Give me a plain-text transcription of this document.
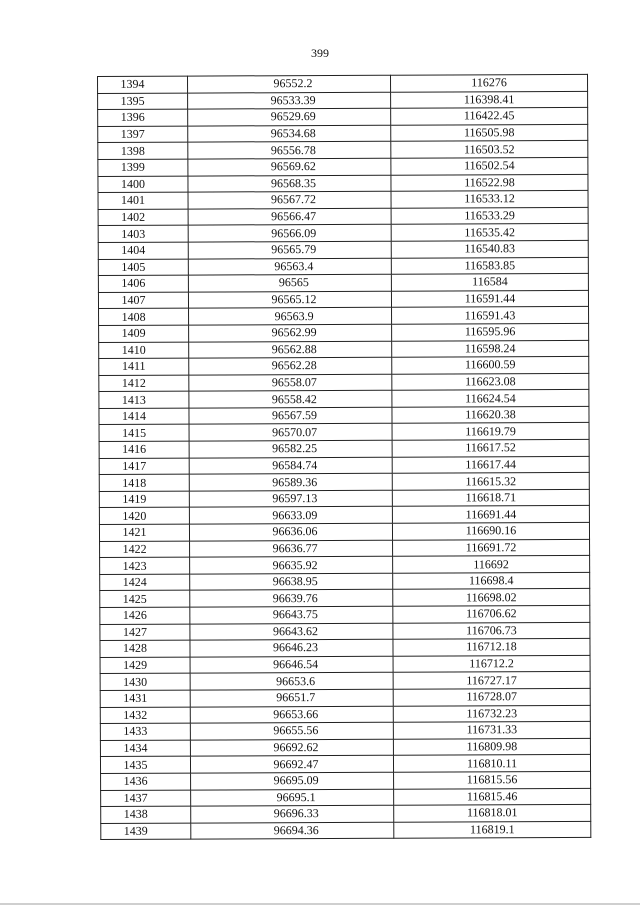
399
1394	96552.2	116276
1395	96533.39	116398.41
1396	96529.69	116422.45
1397	96534.68	116505.98
1398	96556.78	116503.52
1399	96569.62	116502.54
1400	96568.35	116522.98
1401	96567.72	116533.12
1402	96566.47	116533.29
1403	96566.09	116535.42
1404	96565.79	116540.83
1405	96563.4	116583.85
1406	96565	116584
1407	96565.12	116591.44
1408	96563.9	116591.43
1409	96562.99	116595.96
1410	96562.88	116598.24
1411	96562.28	116600.59
1412	96558.07	116623.08
1413	96558.42	116624.54
1414	96567.59	116620.38
1415	96570.07	116619.79
1416	96582.25	116617.52
1417	96584.74	116617.44
1418	96589.36	116615.32
1419	96597.13	116618.71
1420	96633.09	116691.44
1421	96636.06	116690.16
1422	96636.77	116691.72
1423	96635.92	116692
1424	96638.95	116698.4
1425	96639.76	116698.02
1426	96643.75	116706.62
1427	96643.62	116706.73
1428	96646.23	116712.18
1429	96646.54	116712.2
1430	96653.6	116727.17
1431	96651.7	116728.07
1432	96653.66	116732.23
1433	96655.56	116731.33
1434	96692.62	116809.98
1435	96692.47	116810.11
1436	96695.09	116815.56
1437	96695.1	116815.46
1438	96696.33	116818.01
1439	96694.36	116819.1
